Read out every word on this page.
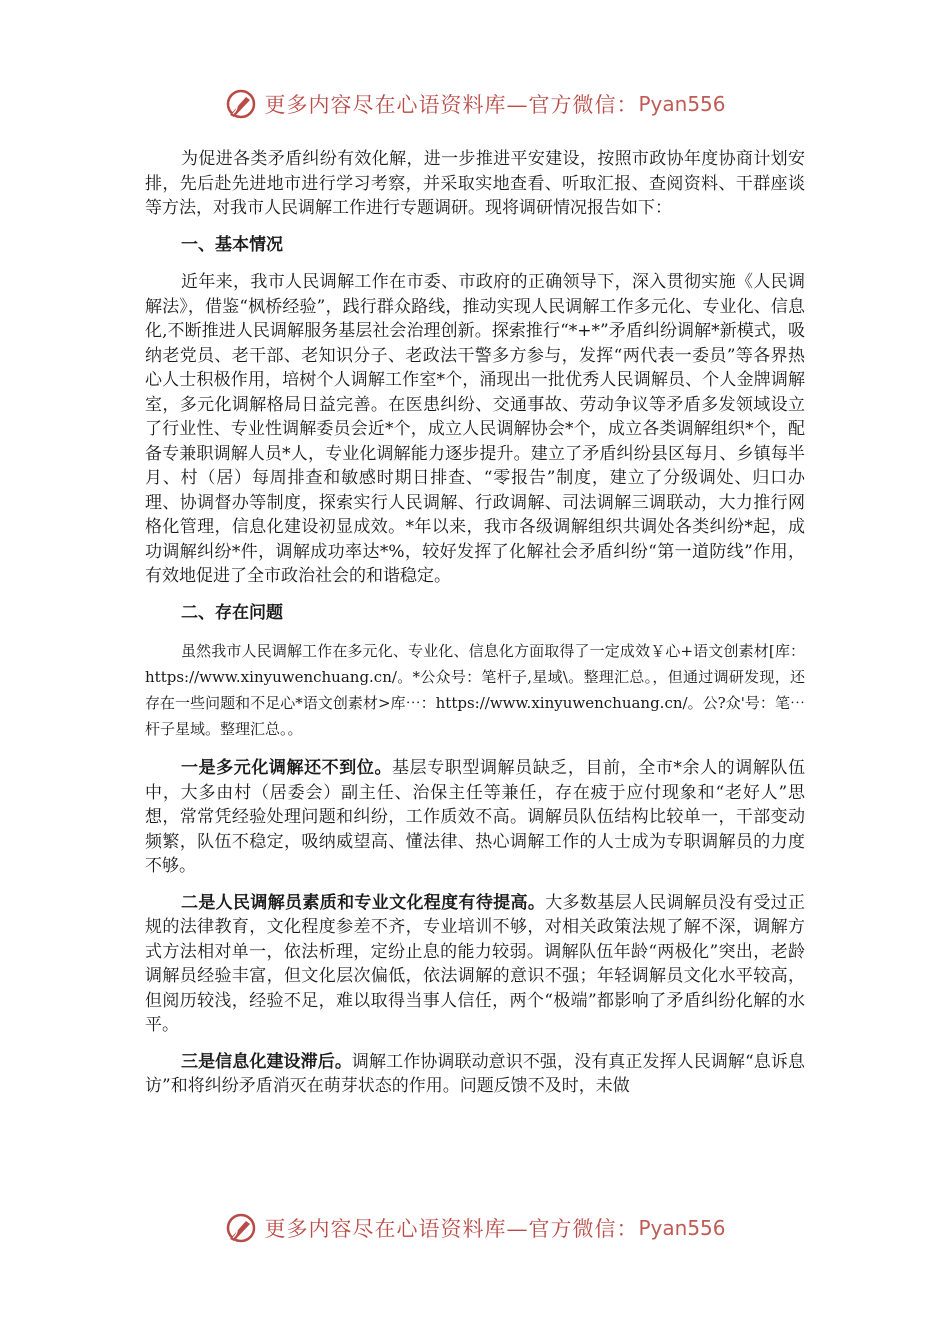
更多内容尽在心语资料库—官方微信： Pyan556

为促进各类矛盾纠纷有效化解，进一步推进平安建设，按照市政协年度协商计划安排，先后赴先进地市进行学习考察，并采取实地查看、听取汇报、查阅资料、干群座谈等方法，对我市人民调解工作进行专题调研。现将调研情况报告如下：

一、基本情况

近年来，我市人民调解工作在市委、市政府的正确领导下，深入贯彻实施《人民调解法》，借鉴“枫桥经验”，践行群众路线，推动实现人民调解工作多元化、专业化、信息化,不断推进人民调解服务基层社会治理创新。探索推行“*+*”矛盾纠纷调解*新模式，吸纳老党员、老干部、老知识分子、老政法干警多方参与，发挥“两代表一委员”等各界热心人士积极作用，培树个人调解工作室*个，涌现出一批优秀人民调解员、个人金牌调解室，多元化调解格局日益完善。在医患纠纷、交通事故、劳动争议等矛盾多发领域设立了行业性、专业性调解委员会近*个，成立人民调解协会*个，成立各类调解组织*个，配备专兼职调解人员*人，专业化调解能力逐步提升。建立了矛盾纠纷县区每月、乡镇每半月、村（居）每周排查和敏感时期日排查、“零报告”制度，建立了分级调处、归口办理、协调督办等制度，探索实行人民调解、行政调解、司法调解三调联动，大力推行网格化管理，信息化建设初显成效。*年以来，我市各级调解组织共调处各类纠纷*起，成功调解纠纷*件，调解成功率达*%，较好发挥了化解社会矛盾纠纷“第一道防线”作用，有效地促进了全市政治社会的和谐稳定。

二、存在问题

虽然我市人民调解工作在多元化、专业化、信息化方面取得了一定成效￥心+语文创素材[库：https://www.xinyuwenchuang.cn/。*公众号：笔杆子,星域\。整理汇总。，但通过调研发现，还存在一些问题和不足心*语文创素材>库⋯：https://www.xinyuwenchuang.cn/。公?众'号：笔⋯杆子星域。整理汇总。。

一是多元化调解还不到位。基层专职型调解员缺乏，目前，全市*余人的调解队伍中，大多由村（居委会）副主任、治保主任等兼任，存在疲于应付现象和“老好人”思想，常常凭经验处理问题和纠纷，工作质效不高。调解员队伍结构比较单一，干部变动频繁，队伍不稳定，吸纳威望高、懂法律、热心调解工作的人士成为专职调解员的力度不够。

二是人民调解员素质和专业文化程度有待提高。大多数基层人民调解员没有受过正规的法律教育，文化程度参差不齐，专业培训不够，对相关政策法规了解不深，调解方式方法相对单一，依法析理，定纷止息的能力较弱。调解队伍年龄“两极化”突出，老龄调解员经验丰富，但文化层次偏低，依法调解的意识不强；年轻调解员文化水平较高，但阅历较浅，经验不足，难以取得当事人信任，两个“极端”都影响了矛盾纠纷化解的水平。

三是信息化建设滞后。调解工作协调联动意识不强，没有真正发挥人民调解“息诉息访”和将纠纷矛盾消灭在萌芽状态的作用。问题反馈不及时，未做

更多内容尽在心语资料库—官方微信： Pyan556
